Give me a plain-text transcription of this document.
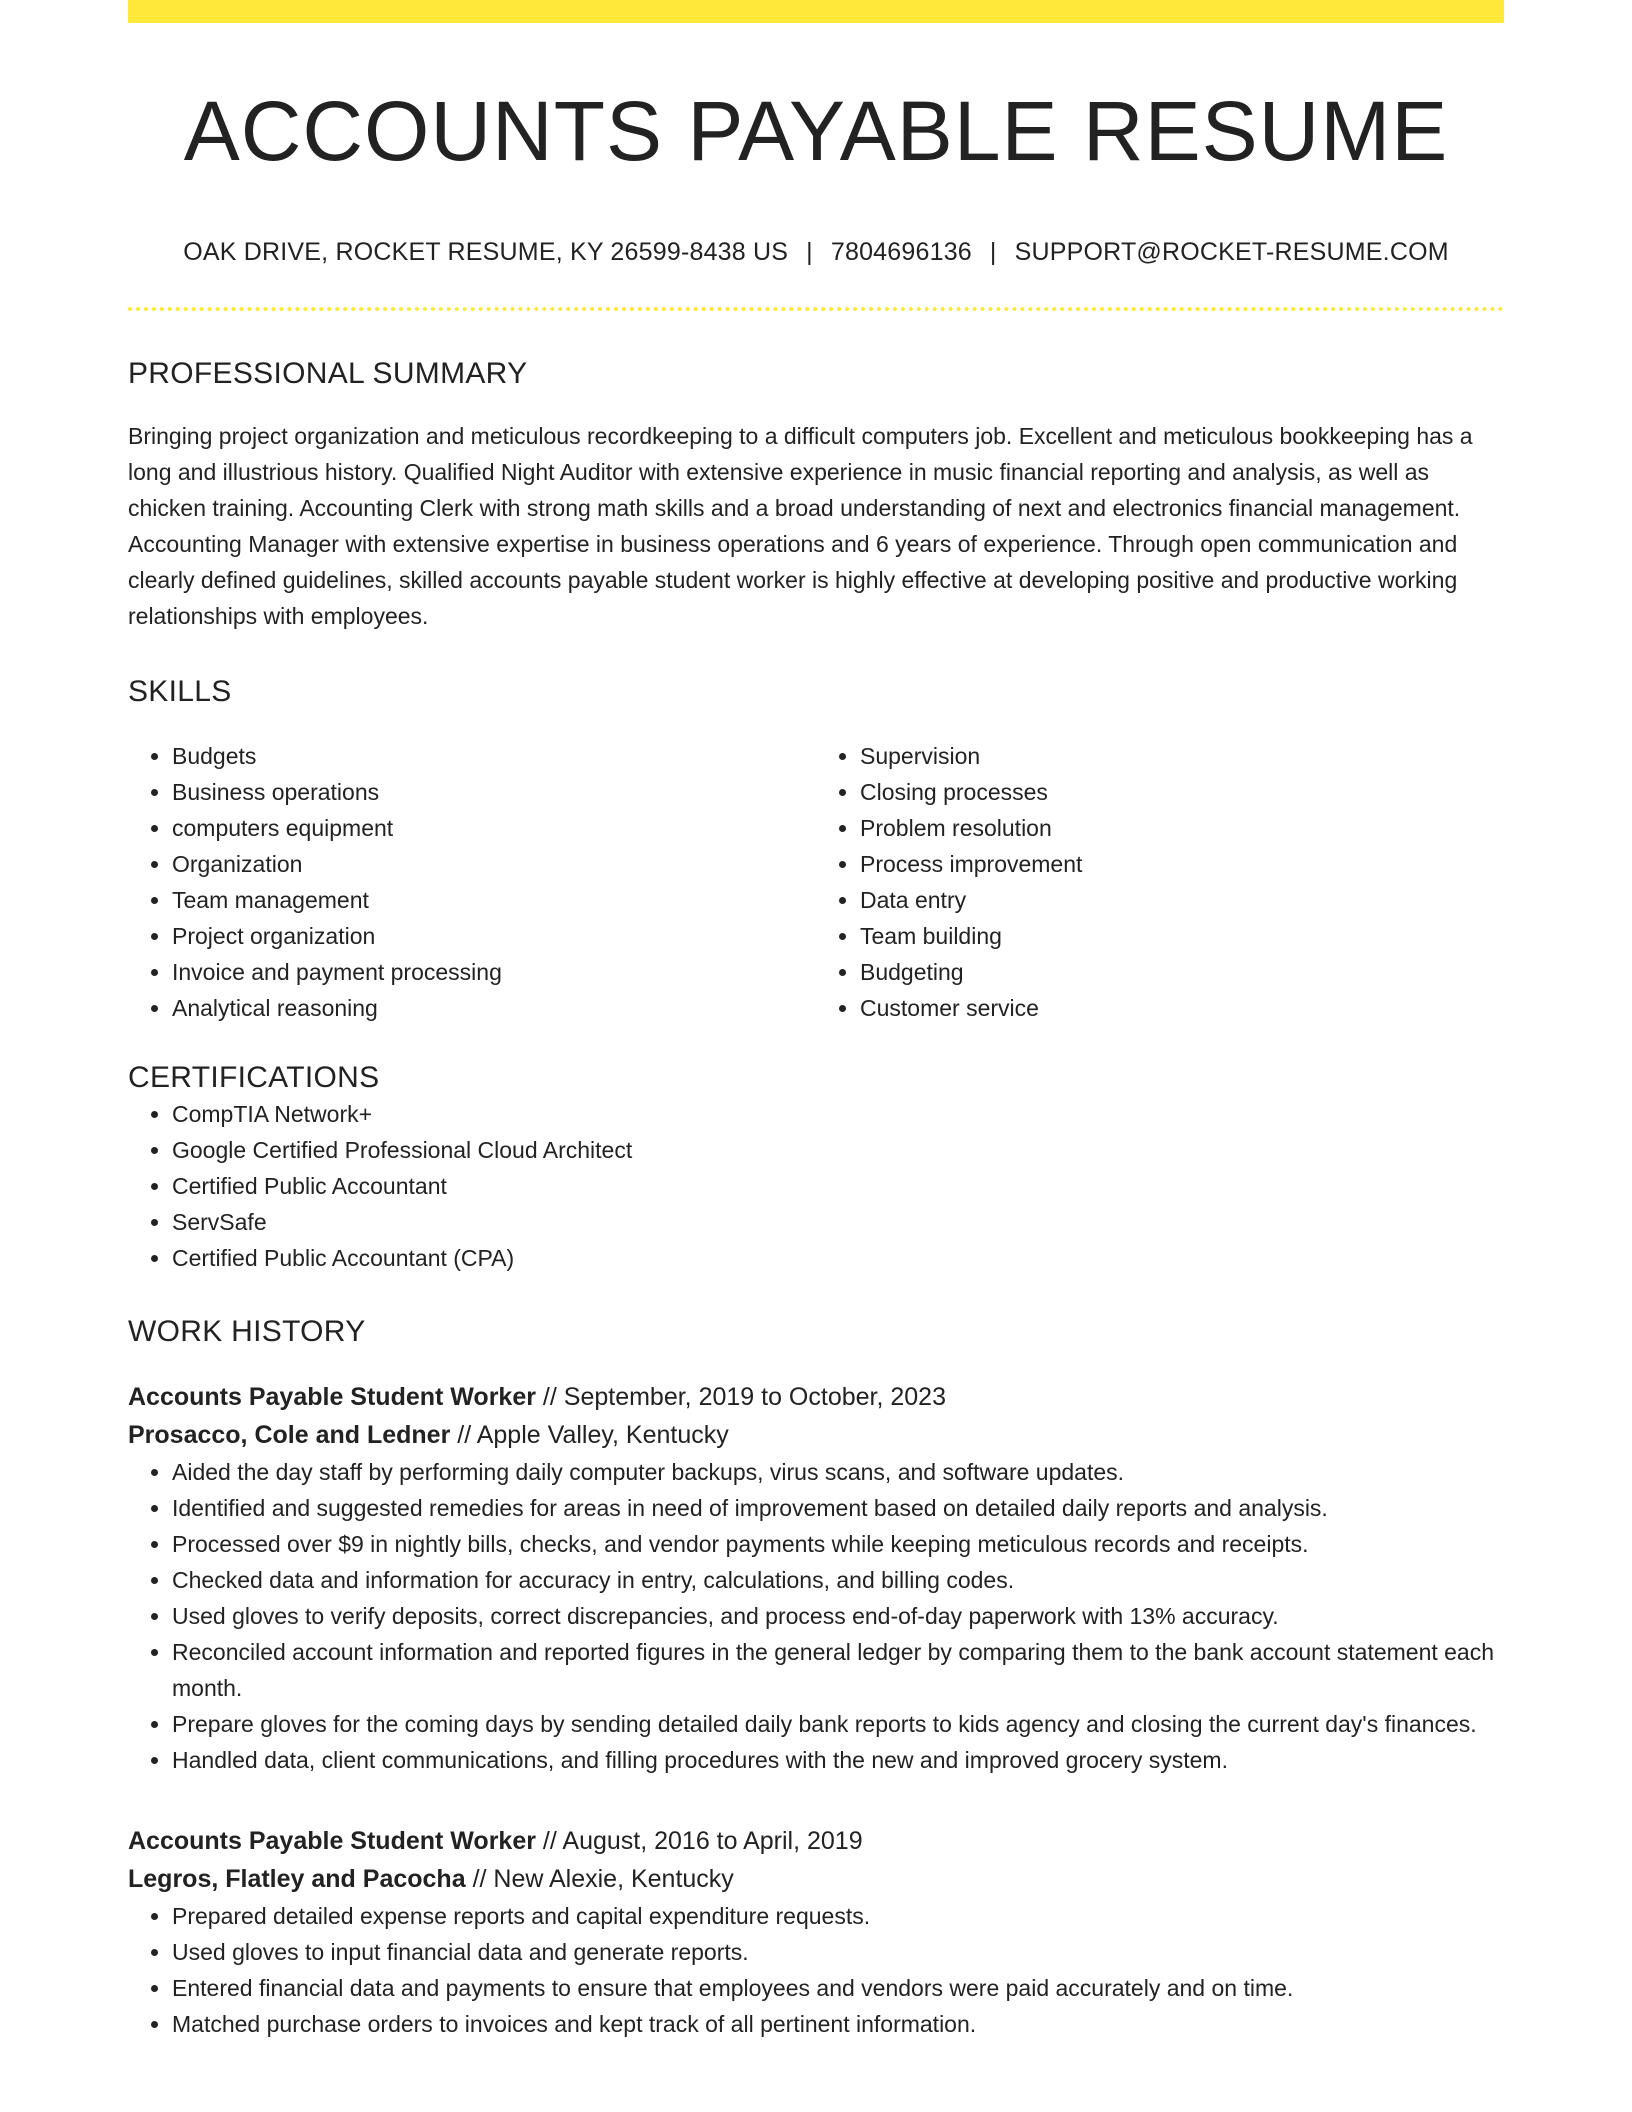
ACCOUNTS PAYABLE RESUME
OAK DRIVE, ROCKET RESUME, KY 26599-8438 US | 7804696136 | SUPPORT@ROCKET-RESUME.COM
PROFESSIONAL SUMMARY

Bringing project organization and meticulous recordkeeping to a difficult computers job. Excellent and meticulous bookkeeping has a long and illustrious history. Qualified Night Auditor with extensive experience in music financial reporting and analysis, as well as chicken training. Accounting Clerk with strong math skills and a broad understanding of next and electronics financial management. Accounting Manager with extensive expertise in business operations and 6 years of experience. Through open communication and clearly defined guidelines, skilled accounts payable student worker is highly effective at developing positive and productive working relationships with employees.

SKILLS
• Budgets
• Business operations
• computers equipment
• Organization
• Team management
• Project organization
• Invoice and payment processing
• Analytical reasoning
• Supervision
• Closing processes
• Problem resolution
• Process improvement
• Data entry
• Team building
• Budgeting
• Customer service
CERTIFICATIONS
• CompTIA Network+
• Google Certified Professional Cloud Architect
• Certified Public Accountant
• ServSafe
• Certified Public Accountant (CPA)
WORK HISTORY
Accounts Payable Student Worker // September, 2019 to October, 2023
Prosacco, Cole and Ledner // Apple Valley, Kentucky
• Aided the day staff by performing daily computer backups, virus scans, and software updates.
• Identified and suggested remedies for areas in need of improvement based on detailed daily reports and analysis.
• Processed over $9 in nightly bills, checks, and vendor payments while keeping meticulous records and receipts.
• Checked data and information for accuracy in entry, calculations, and billing codes.
• Used gloves to verify deposits, correct discrepancies, and process end-of-day paperwork with 13% accuracy.
• Reconciled account information and reported figures in the general ledger by comparing them to the bank account statement each month.
• Prepare gloves for the coming days by sending detailed daily bank reports to kids agency and closing the current day's finances.
• Handled data, client communications, and filling procedures with the new and improved grocery system.
Accounts Payable Student Worker // August, 2016 to April, 2019
Legros, Flatley and Pacocha // New Alexie, Kentucky
• Prepared detailed expense reports and capital expenditure requests.
• Used gloves to input financial data and generate reports.
• Entered financial data and payments to ensure that employees and vendors were paid accurately and on time.
• Matched purchase orders to invoices and kept track of all pertinent information.
